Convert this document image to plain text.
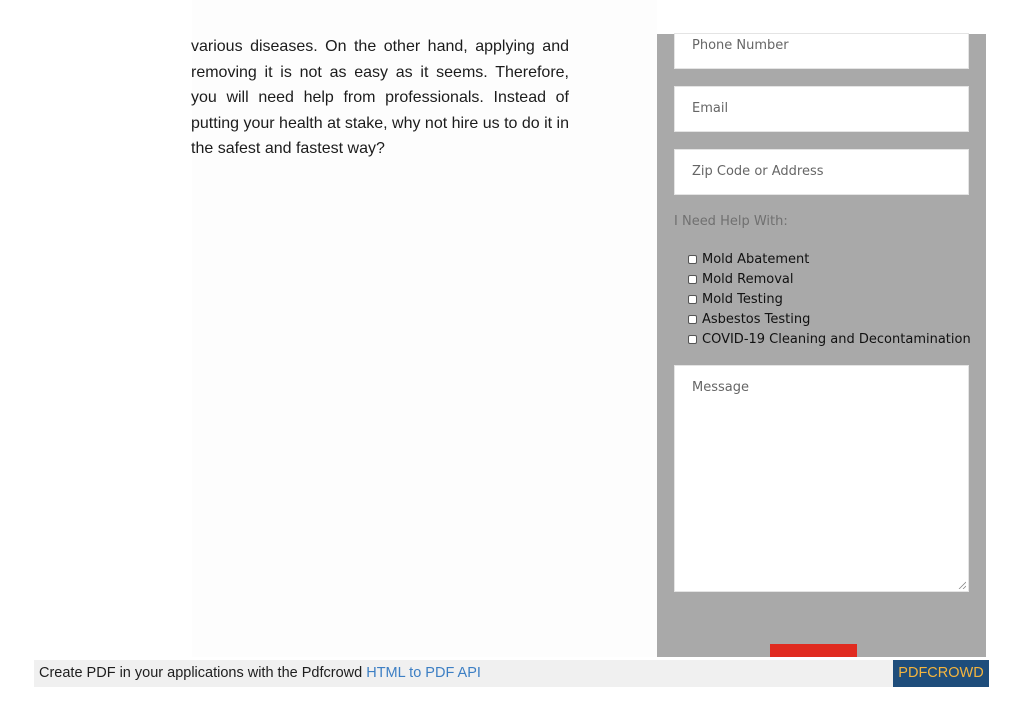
various diseases. On the other hand, applying and removing it is not as easy as it seems. Therefore, you will need help from professionals. Instead of putting your health at stake, why not hire us to do it in the safest and fastest way?

Phone Number
Email
Zip Code or Address
I Need Help With:
Mold Abatement
Mold Removal
Mold Testing
Asbestos Testing
COVID-19 Cleaning and Decontamination
Message
Create PDF in your applications with the Pdfcrowd HTML to PDF API	PDFCROWD
